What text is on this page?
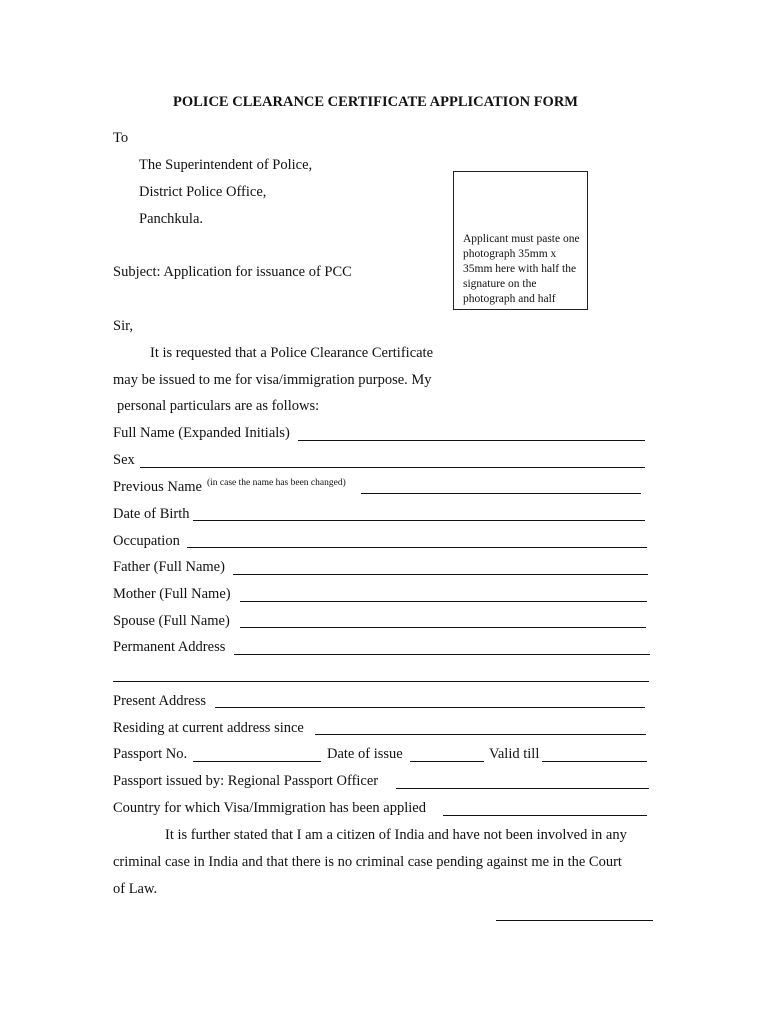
POLICE CLEARANCE CERTIFICATE APPLICATION FORM
To
The Superintendent of Police,
District Police Office,
Panchkula.
Applicant must paste one photograph 35mm x 35mm here with half the signature on the photograph and half
Subject: Application for issuance of PCC
Sir,
It is requested that a Police Clearance Certificate
may be issued to me for visa/immigration purpose. My
personal particulars are as follows:
Full Name (Expanded Initials)
Sex
Previous Name $^{(in case the name has been changed)}$
Date of Birth
Occupation
Father (Full Name)
Mother (Full Name)
Spouse (Full Name)
Permanent Address
Present Address
Residing at current address since
Passport No.	Date of issue	Valid till
Passport issued by: Regional Passport Officer
Country for which Visa/Immigration has been applied
It is further stated that I am a citizen of India and have not been involved in any
criminal case in India and that there is no criminal case pending against me in the Court
of Law.
